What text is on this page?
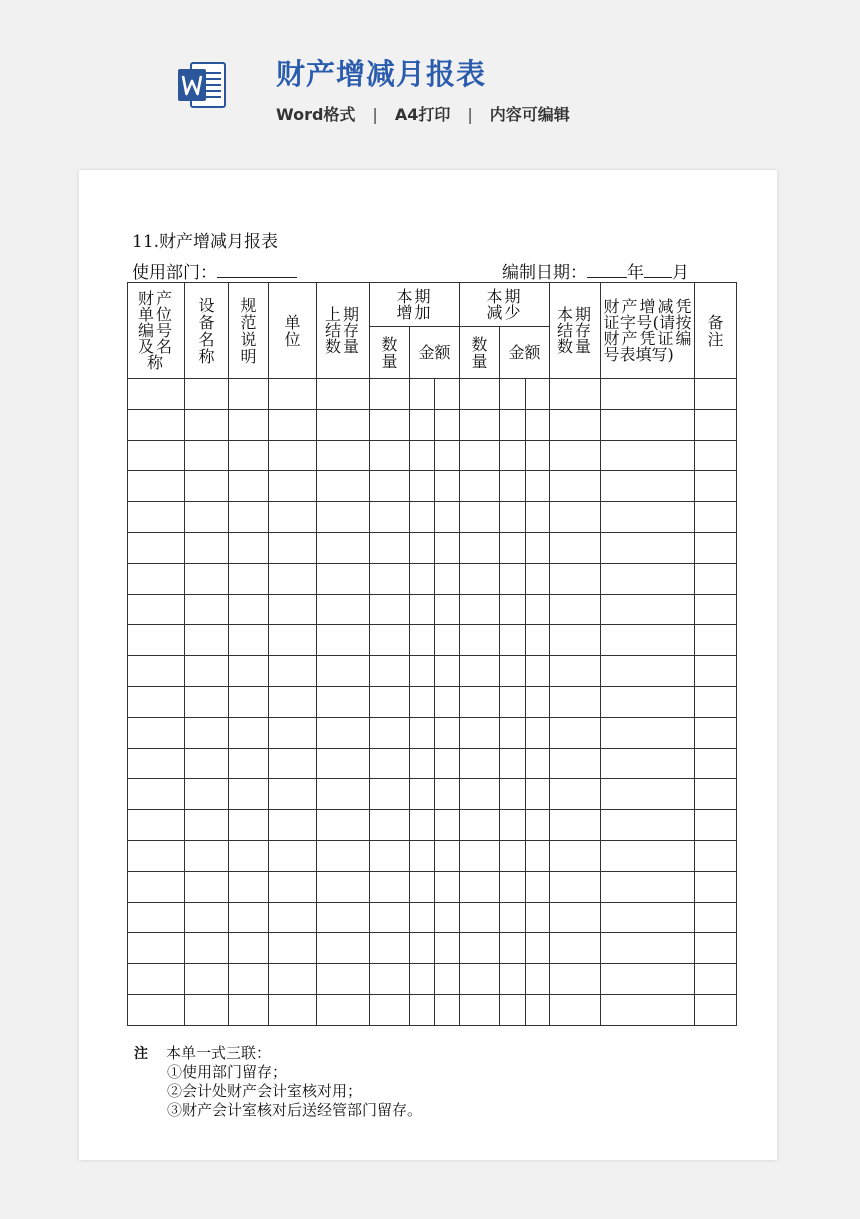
财产增减月报表
Word格式 | A4打印 | 内容可编辑
11.财产增减月报表
使用部门：	编制日期： 年 月
财产单位编号及名称	设备名称	规范说明	单位	上期结存数量	本期增加			本期减少			本期结存数量	财产增减凭证字号(请按财产凭证编号表填写)	备注
					数量	金额		数量	金额				

注 本单一式三联：
①使用部门留存；
②会计处财产会计室核对用；
③财产会计室核对后送经管部门留存。
